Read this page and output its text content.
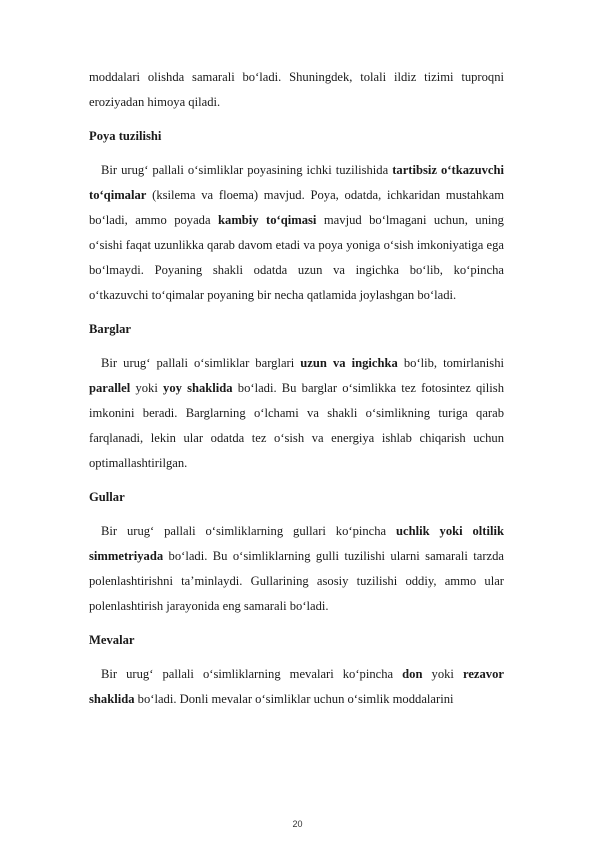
moddalari olishda samarali bo‘ladi. Shuningdek, tolali ildiz tizimi tuproqni eroziyadan himoya qiladi.

Poya tuzilishi

Bir urug‘ pallali o‘simliklar poyasining ichki tuzilishida tartibsiz o‘tkazuvchi to‘qimalar (ksilema va floema) mavjud. Poya, odatda, ichkaridan mustahkam bo‘ladi, ammo poyada kambiy to‘qimasi mavjud bo‘lmagani uchun, uning o‘sishi faqat uzunlikka qarab davom etadi va poya yoniga o‘sish imkoniyatiga ega bo‘lmaydi. Poyaning shakli odatda uzun va ingichka bo‘lib, ko‘pincha o‘tkazuvchi to‘qimalar poyaning bir necha qatlamida joylashgan bo‘ladi.

Barglar

Bir urug‘ pallali o‘simliklar barglari uzun va ingichka bo‘lib, tomirlanishi parallel yoki yoy shaklida bo‘ladi. Bu barglar o‘simlikka tez fotosintez qilish imkonini beradi. Barglarning o‘lchami va shakli o‘simlikning turiga qarab farqlanadi, lekin ular odatda tez o‘sish va energiya ishlab chiqarish uchun optimallashtirilgan.

Gullar

Bir urug‘ pallali o‘simliklarning gullari ko‘pincha uchlik yoki oltilik simmetriyada bo‘ladi. Bu o‘simliklarning gulli tuzilishi ularni samarali tarzda polenlashtirishni ta’minlaydi. Gullarining asosiy tuzilishi oddiy, ammo ular polenlashtirish jarayonida eng samarali bo‘ladi.

Mevalar

Bir urug‘ pallali o‘simliklarning mevalari ko‘pincha don yoki rezavor shaklida bo‘ladi. Donli mevalar o‘simliklar uchun o‘simlik moddalarini

20
